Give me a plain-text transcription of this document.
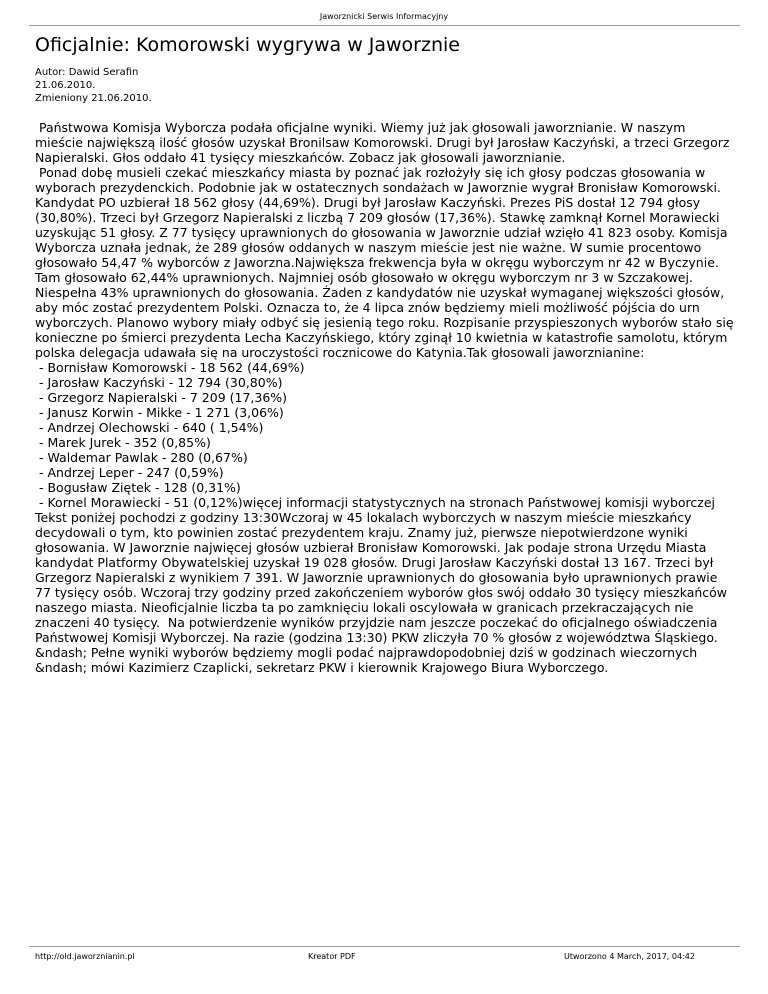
Jaworznicki Serwis Informacyjny
Oficjalnie: Komorowski wygrywa w Jaworznie
Autor: Dawid Serafin
21.06.2010.
Zmieniony 21.06.2010.
Państwowa Komisja Wyborcza podała oficjalne wyniki. Wiemy już jak głosowali jaworznianie. W naszym mieście największą ilość głosów uzyskał Bronilsaw Komorowski. Drugi był Jarosław Kaczyński, a trzeci Grzegorz Napieralski. Głos oddało 41 tysięcy mieszkańców. Zobacz jak głosowali jaworznianie.
Ponad dobę musieli czekać mieszkańcy miasta by poznać jak rozłożyły się ich głosy podczas głosowania w wyborach prezydenckich. Podobnie jak w ostatecznych sondażach w Jaworznie wygrał Bronisław Komorowski. Kandydat PO uzbierał 18 562 głosy (44,69%). Drugi był Jarosław Kaczyński. Prezes PiS dostał 12 794 głosy (30,80%). Trzeci był Grzegorz Napieralski z liczbą 7 209 głosów (17,36%). Stawkę zamknął Kornel Morawiecki uzyskując 51 głosy. Z 77 tysięcy uprawnionych do głosowania w Jaworznie udział wzięło 41 823 osoby. Komisja Wyborcza uznała jednak, że 289 głosów oddanych w naszym mieście jest nie ważne. W sumie procentowo głosowało 54,47 % wyborców z Jaworzna.Największa frekwencja była w okręgu wyborczym nr 42 w Byczynie. Tam głosowało 62,44% uprawnionych. Najmniej osób głosowało w okręgu wyborczym nr 3 w Szczakowej. Niespełna 43% uprawnionych do głosowania. Żaden z kandydatów nie uzyskał wymaganej większości głosów, aby móc zostać prezydentem Polski. Oznacza to, że 4 lipca znów będziemy mieli możliwość pójścia do urn wyborczych. Planowo wybory miały odbyć się jesienią tego roku. Rozpisanie przyspieszonych wyborów stało się konieczne po śmierci prezydenta Lecha Kaczyńskiego, który zginął 10 kwietnia w katastrofie samolotu, którym polska delegacja udawała się na uroczystości rocznicowe do Katynia.Tak głosowali jaworznianine:
- Bornisław Komorowski - 18 562 (44,69%)
- Jarosław Kaczyński - 12 794 (30,80%)
- Grzegorz Napieralski - 7 209 (17,36%)
- Janusz Korwin - Mikke - 1 271 (3,06%)
- Andrzej Olechowski - 640 ( 1,54%)
- Marek Jurek - 352 (0,85%)
- Waldemar Pawlak - 280 (0,67%)
- Andrzej Leper - 247 (0,59%)
- Bogusław Ziętek - 128 (0,31%)
- Kornel Morawiecki - 51 (0,12%)więcej informacji statystycznych na stronach Państwowej komisji wyborczej   Tekst poniżej pochodzi z godziny 13:30Wczoraj w 45 lokalach wyborczych w naszym mieście mieszkańcy decydowali o tym, kto powinien zostać prezydentem kraju. Znamy już, pierwsze niepotwierdzone wyniki głosowania. W Jaworznie najwięcej głosów uzbierał Bronisław Komorowski. Jak podaje strona Urzędu Miasta kandydat Platformy Obywatelskiej uzyskał 19 028 głosów. Drugi Jarosław Kaczyński dostał 13 167. Trzeci był Grzegorz Napieralski z wynikiem 7 391. W Jaworznie uprawnionych do głosowania było uprawnionych prawie 77 tysięcy osób. Wczoraj trzy godziny przed zakończeniem wyborów głos swój oddało 30 tysięcy mieszkańców naszego miasta. Nieoficjalnie liczba ta po zamknięciu lokali oscylowała w granicach przekraczających nie znaczeni 40 tysięcy.  Na potwierdzenie wyników przyjdzie nam jeszcze poczekać do oficjalnego oświadczenia Państwowej Komisji Wyborczej. Na razie (godzina 13:30) PKW zliczyła 70 % głosów z województwa Śląskiego. &ndash; Pełne wyniki wyborów będziemy mogli podać najprawdopodobniej dziś w godzinach wieczornych &ndash; mówi Kazimierz Czaplicki, sekretarz PKW i kierownik Krajowego Biura Wyborczego.
http://old.jaworznianin.pl	Kreator PDF	Utworzono 4 March, 2017, 04:42
